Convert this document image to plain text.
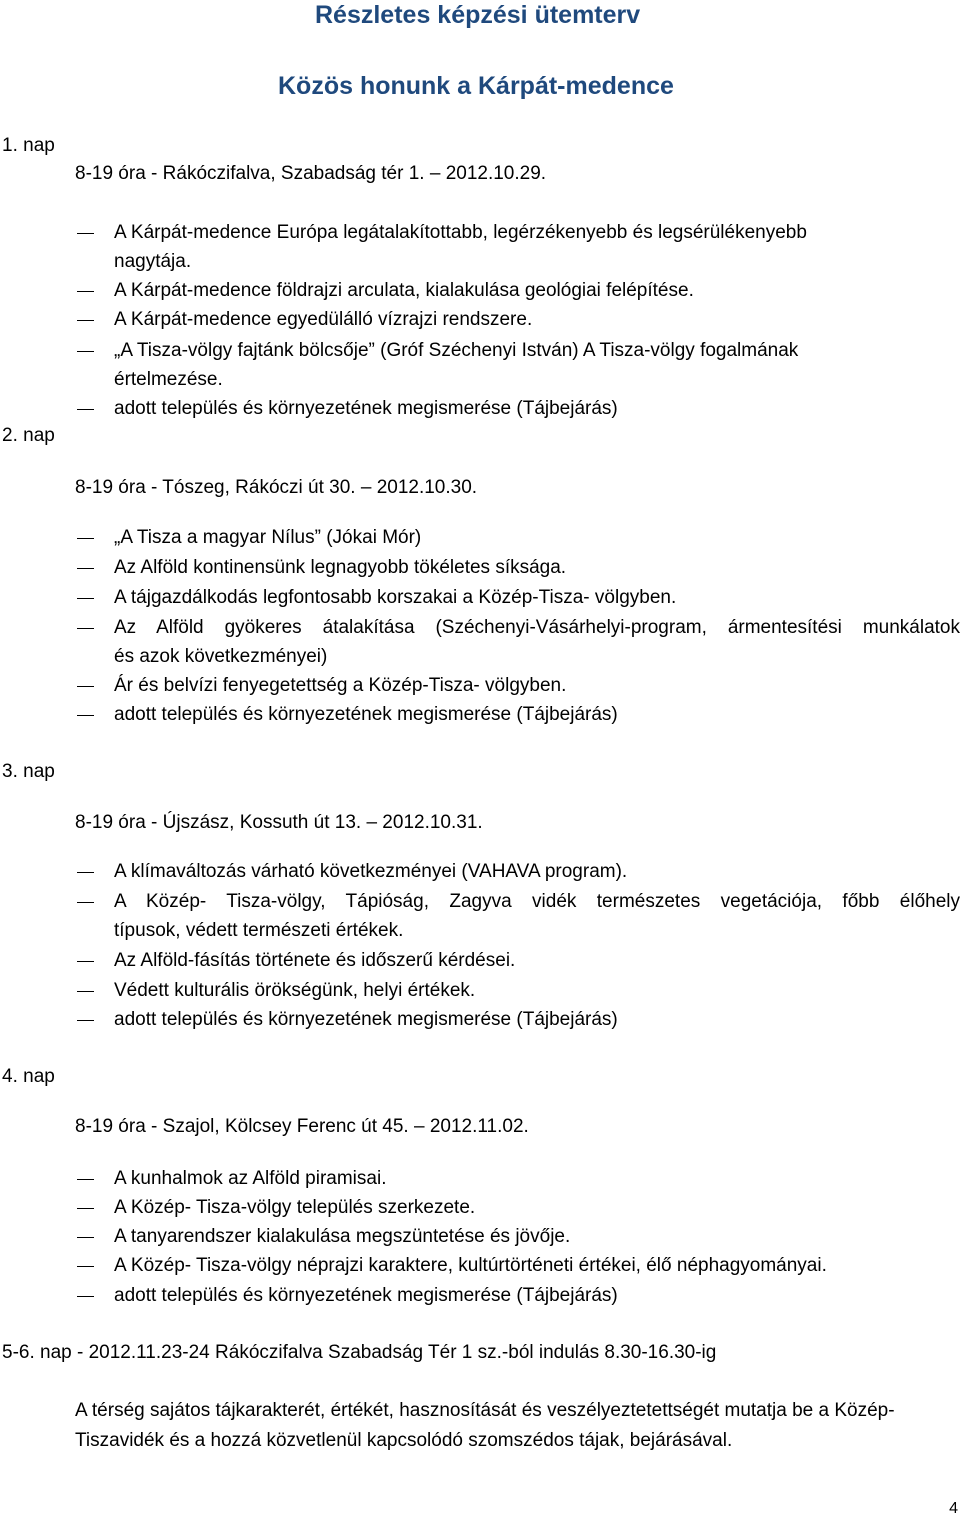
Részletes képzési ütemterv
Közös honunk a Kárpát-medence
1. nap
2. nap
3. nap
4. nap
8-19 óra - Rákóczifalva, Szabadság tér 1. – 2012.10.29.
A Kárpát-medence Európa legátalakítottabb, legérzékenyebb és legsérülékenyebb
nagytája.
A Kárpát-medence földrajzi arculata, kialakulása geológiai felépítése.
A Kárpát-medence egyedülálló vízrajzi rendszere.
„A Tisza-völgy fajtánk bölcsője” (Gróf Széchenyi István) A Tisza-völgy fogalmának
értelmezése.
adott település és környezetének megismerése (Tájbejárás)
8-19 óra - Tószeg, Rákóczi út 30. – 2012.10.30.
„A Tisza a magyar Nílus” (Jókai Mór)
Az Alföld kontinensünk legnagyobb tökéletes síksága.
A tájgazdálkodás legfontosabb korszakai a Közép-Tisza- völgyben.
Az Alföld gyökeres átalakítása (Széchenyi-Vásárhelyi-program, ármentesítési munkálatok
és azok következményei)
Ár és belvízi fenyegetettség a Közép-Tisza- völgyben.
adott település és környezetének megismerése (Tájbejárás)
8-19 óra - Újszász, Kossuth út 13. – 2012.10.31.
A klímaváltozás várható következményei (VAHAVA program).
A Közép- Tisza-völgy, Tápióság, Zagyva vidék természetes vegetációja, főbb élőhely
típusok, védett természeti értékek.
Az Alföld-fásítás története és időszerű kérdései.
Védett kulturális örökségünk, helyi értékek.
adott település és környezetének megismerése (Tájbejárás)
8-19 óra - Szajol, Kölcsey Ferenc út 45. – 2012.11.02.
A kunhalmok az Alföld piramisai.
A Közép- Tisza-völgy település szerkezete.
A tanyarendszer kialakulása megszüntetése és jövője.
A Közép- Tisza-völgy néprajzi karaktere, kultúrtörténeti értékei, élő néphagyományai.
adott település és környezetének megismerése (Tájbejárás)
5-6. nap - 2012.11.23-24 Rákóczifalva Szabadság Tér 1 sz.-ból indulás 8.30-16.30-ig
A térség sajátos tájkarakterét, értékét, hasznosítását és veszélyeztetettségét mutatja be a Közép-Tiszavidék és a hozzá közvetlenül kapcsolódó szomszédos tájak, bejárásával.
4
